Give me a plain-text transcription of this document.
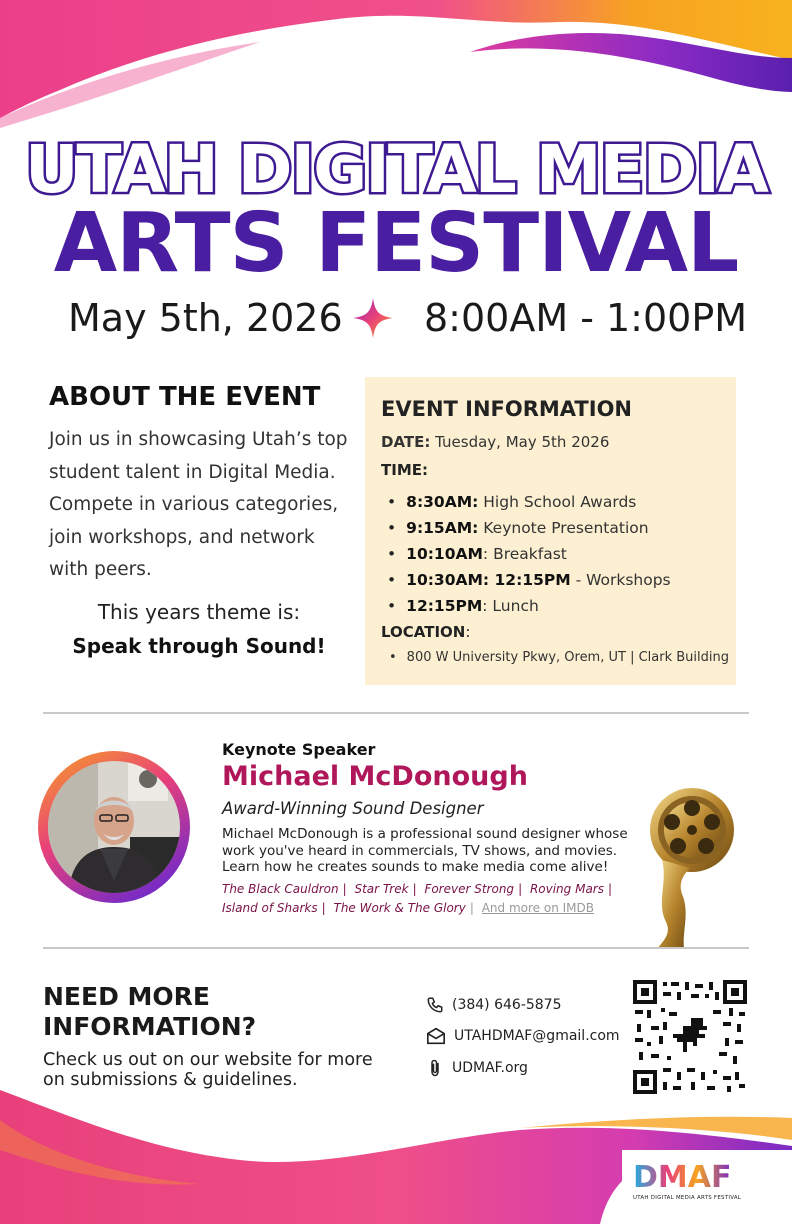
UTAH DIGITAL MEDIA
ARTS FESTIVAL
May 5th, 2026 8:00AM - 1:00PM
ABOUT THE EVENT
Join us in showcasing Utah’s top student talent in Digital Media. Compete in various categories, join workshops, and network with peers.
This years theme is:
Speak through Sound!
EVENT INFORMATION
DATE: Tuesday, May 5th 2026
TIME:
• 8:30AM: High School Awards
• 9:15AM: Keynote Presentation
• 10:10AM: Breakfast
• 10:30AM: 12:15PM - Workshops
• 12:15PM: Lunch
LOCATION:
• 800 W University Pkwy, Orem, UT | Clark Building
Keynote Speaker
Michael McDonough
Award-Winning Sound Designer
Michael McDonough is a professional sound designer whose work you've heard in commercials, TV shows, and movies. Learn how he creates sounds to make media come alive!
The Black Cauldron | Star Trek | Forever Strong | Roving Mars |
Island of Sharks | The Work & The Glory | And more on IMDB
NEED MORE INFORMATION?
Check us out on our website for more on submissions & guidelines.
(384) 646-5875
UTAHDMAF@gmail.com
UDMAF.org
DMAF
UTAH DIGITAL MEDIA ARTS FESTIVAL
